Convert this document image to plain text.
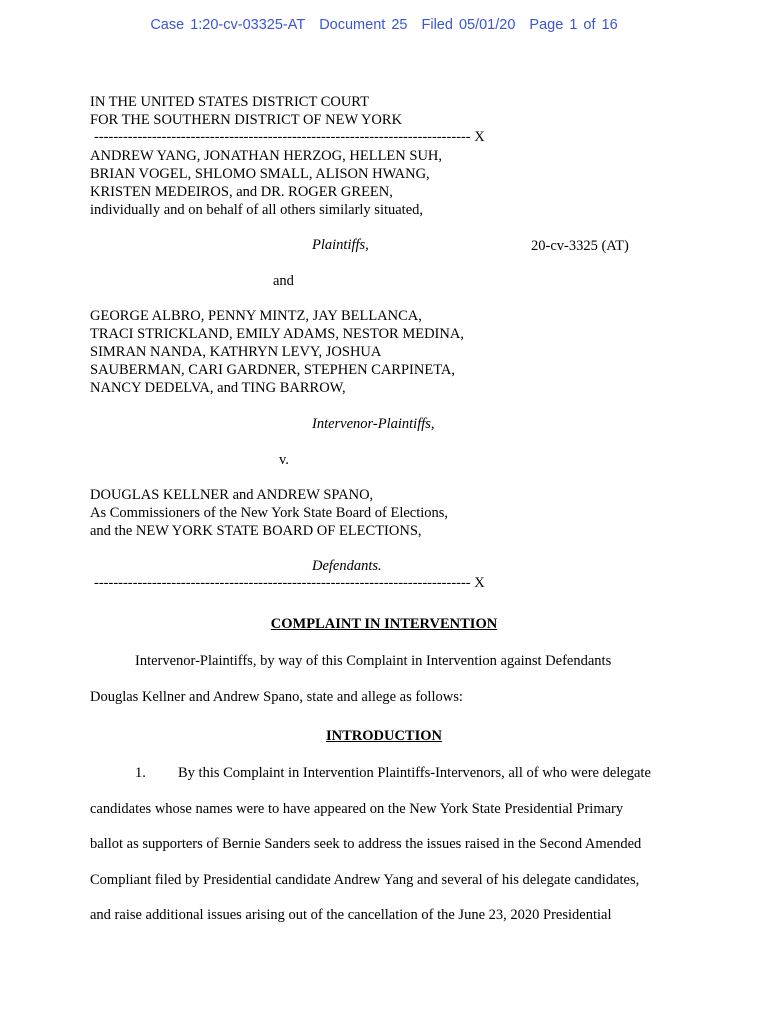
Case 1:20-cv-03325-AT Document 25 Filed 05/01/20 Page 1 of 16
IN THE UNITED STATES DISTRICT COURT
FOR THE SOUTHERN DISTRICT OF NEW YORK
------------------------------------------------------------------------------ X
ANDREW YANG, JONATHAN HERZOG, HELLEN SUH,
BRIAN VOGEL, SHLOMO SMALL, ALISON HWANG,
KRISTEN MEDEIROS, and DR. ROGER GREEN,
individually and on behalf of all others similarly situated,
Plaintiffs,	20-cv-3325 (AT)
and
GEORGE ALBRO, PENNY MINTZ, JAY BELLANCA,
TRACI STRICKLAND, EMILY ADAMS, NESTOR MEDINA,
SIMRAN NANDA, KATHRYN LEVY, JOSHUA
SAUBERMAN, CARI GARDNER, STEPHEN CARPINETA,
NANCY DEDELVA, and TING BARROW,
Intervenor-Plaintiffs,
v.
DOUGLAS KELLNER and ANDREW SPANO,
As Commissioners of the New York State Board of Elections,
and the NEW YORK STATE BOARD OF ELECTIONS,
Defendants.
------------------------------------------------------------------------------ X
COMPLAINT IN INTERVENTION
Intervenor-Plaintiffs, by way of this Complaint in Intervention against Defendants
Douglas Kellner and Andrew Spano, state and allege as follows:
INTRODUCTION
1. By this Complaint in Intervention Plaintiffs-Intervenors, all of who were delegate
candidates whose names were to have appeared on the New York State Presidential Primary
ballot as supporters of Bernie Sanders seek to address the issues raised in the Second Amended
Compliant filed by Presidential candidate Andrew Yang and several of his delegate candidates,
and raise additional issues arising out of the cancellation of the June 23, 2020 Presidential
